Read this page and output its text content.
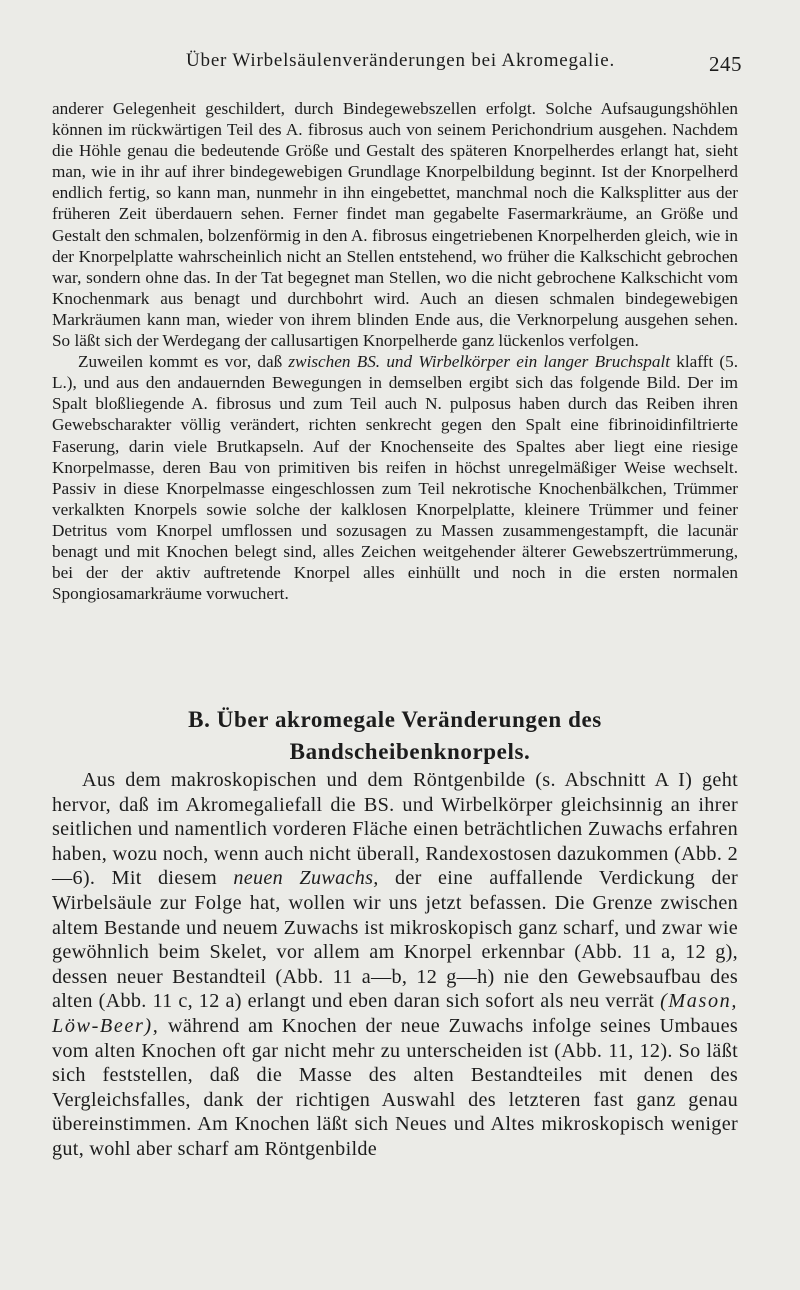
Über Wirbelsäulenveränderungen bei Akromegalie.	245

anderer Gelegenheit geschildert, durch Bindegewebszellen erfolgt. Solche Aufsaugungshöhlen können im rückwärtigen Teil des A. fibrosus auch von seinem Perichondrium ausgehen. Nachdem die Höhle genau die bedeutende Größe und Gestalt des späteren Knorpelherdes erlangt hat, sieht man, wie in ihr auf ihrer bindegewebigen Grundlage Knorpelbildung beginnt. Ist der Knorpelherd endlich fertig, so kann man, nunmehr in ihn eingebettet, manchmal noch die Kalksplitter aus der früheren Zeit überdauern sehen. Ferner findet man gegabelte Fasermarkräume, an Größe und Gestalt den schmalen, bolzenförmig in den A. fibrosus eingetriebenen Knorpelherden gleich, wie in der Knorpelplatte wahrscheinlich nicht an Stellen entstehend, wo früher die Kalkschicht gebrochen war, sondern ohne das. In der Tat begegnet man Stellen, wo die nicht gebrochene Kalkschicht vom Knochenmark aus benagt und durchbohrt wird. Auch an diesen schmalen bindegewebigen Markräumen kann man, wieder von ihrem blinden Ende aus, die Verknorpelung ausgehen sehen. So läßt sich der Werdegang der callusartigen Knorpelherde ganz lückenlos verfolgen.

Zuweilen kommt es vor, daß zwischen BS. und Wirbelkörper ein langer Bruchspalt klafft (5. L.), und aus den andauernden Bewegungen in demselben ergibt sich das folgende Bild. Der im Spalt bloßliegende A. fibrosus und zum Teil auch N. pulposus haben durch das Reiben ihren Gewebscharakter völlig verändert, richten senkrecht gegen den Spalt eine fibrinoidinfiltrierte Faserung, darin viele Brutkapseln. Auf der Knochenseite des Spaltes aber liegt eine riesige Knorpelmasse, deren Bau von primitiven bis reifen in höchst unregelmäßiger Weise wechselt. Passiv in diese Knorpelmasse eingeschlossen zum Teil nekrotische Knochenbälkchen, Trümmer verkalkten Knorpels sowie solche der kalklosen Knorpelplatte, kleinere Trümmer und feiner Detritus vom Knorpel umflossen und sozusagen zu Massen zusammengestampft, die lacunär benagt und mit Knochen belegt sind, alles Zeichen weitgehender älterer Gewebszertrümmerung, bei der der aktiv auftretende Knorpel alles einhüllt und noch in die ersten normalen Spongiosamarkräume vorwuchert.

B. Über akromegale Veränderungen des
Bandscheibenknorpels.

Aus dem makroskopischen und dem Röntgenbilde (s. Abschnitt A I) geht hervor, daß im Akromegaliefall die BS. und Wirbelkörper gleichsinnig an ihrer seitlichen und namentlich vorderen Fläche einen beträchtlichen Zuwachs erfahren haben, wozu noch, wenn auch nicht überall, Randexostosen dazukommen (Abb. 2—6). Mit diesem neuen Zuwachs, der eine auffallende Verdickung der Wirbelsäule zur Folge hat, wollen wir uns jetzt befassen. Die Grenze zwischen altem Bestande und neuem Zuwachs ist mikroskopisch ganz scharf, und zwar wie gewöhnlich beim Skelet, vor allem am Knorpel erkennbar (Abb. 11 a, 12 g), dessen neuer Bestandteil (Abb. 11 a—b, 12 g—h) nie den Gewebsaufbau des alten (Abb. 11 c, 12 a) erlangt und eben daran sich sofort als neu verrät (Mason, Löw-Beer), während am Knochen der neue Zuwachs infolge seines Umbaues vom alten Knochen oft gar nicht mehr zu unterscheiden ist (Abb. 11, 12). So läßt sich feststellen, daß die Masse des alten Bestandteiles mit denen des Vergleichsfalles, dank der richtigen Auswahl des letzteren fast ganz genau übereinstimmen. Am Knochen läßt sich Neues und Altes mikroskopisch weniger gut, wohl aber scharf am Röntgenbilde
